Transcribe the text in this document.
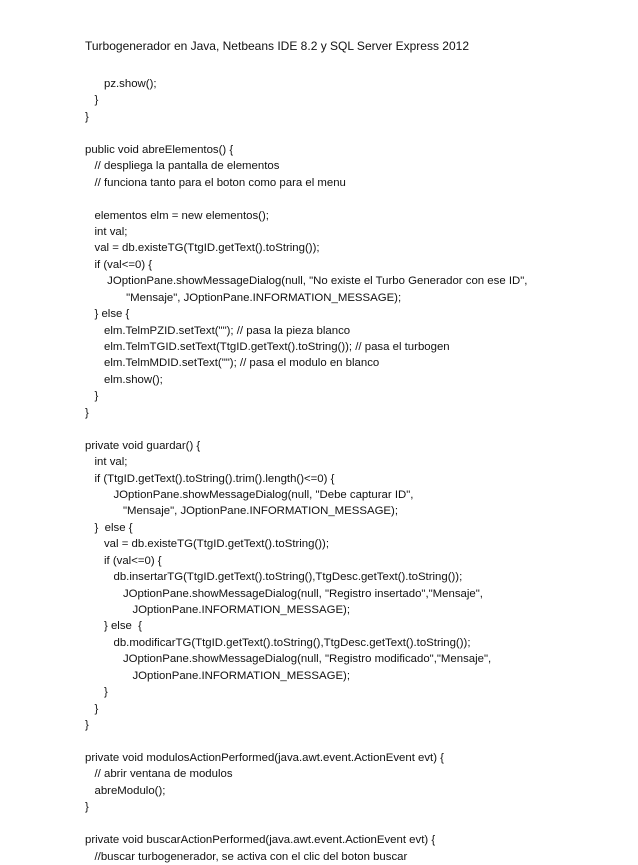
Turbogenerador en Java, Netbeans IDE 8.2 y SQL Server Express 2012
pz.show();
}
}
public void abreElementos() {
// despliega la pantalla de elementos
// funciona tanto para el boton como para el menu
elementos elm = new elementos();
int val;
val = db.existeTG(TtgID.getText().toString());
if (val<=0) {
JOptionPane.showMessageDialog(null, "No existe el Turbo Generador con ese ID",
"Mensaje", JOptionPane.INFORMATION_MESSAGE);
} else {
elm.TelmPZID.setText(""); // pasa la pieza blanco
elm.TelmTGID.setText(TtgID.getText().toString()); // pasa el turbogen
elm.TelmMDID.setText(""); // pasa el modulo en blanco
elm.show();
}
}
private void guardar() {
int val;
if (TtgID.getText().toString().trim().length()<=0) {
JOptionPane.showMessageDialog(null, "Debe capturar ID",
"Mensaje", JOptionPane.INFORMATION_MESSAGE);
}  else {
val = db.existeTG(TtgID.getText().toString());
if (val<=0) {
db.insertarTG(TtgID.getText().toString(),TtgDesc.getText().toString());
JOptionPane.showMessageDialog(null, "Registro insertado","Mensaje",
JOptionPane.INFORMATION_MESSAGE);
} else  {
db.modificarTG(TtgID.getText().toString(),TtgDesc.getText().toString());
JOptionPane.showMessageDialog(null, "Registro modificado","Mensaje",
JOptionPane.INFORMATION_MESSAGE);
}
}
}
private void modulosActionPerformed(java.awt.event.ActionEvent evt) {
// abrir ventana de modulos
abreModulo();
}
private void buscarActionPerformed(java.awt.event.ActionEvent evt) {
//buscar turbogenerador, se activa con el clic del boton buscar
